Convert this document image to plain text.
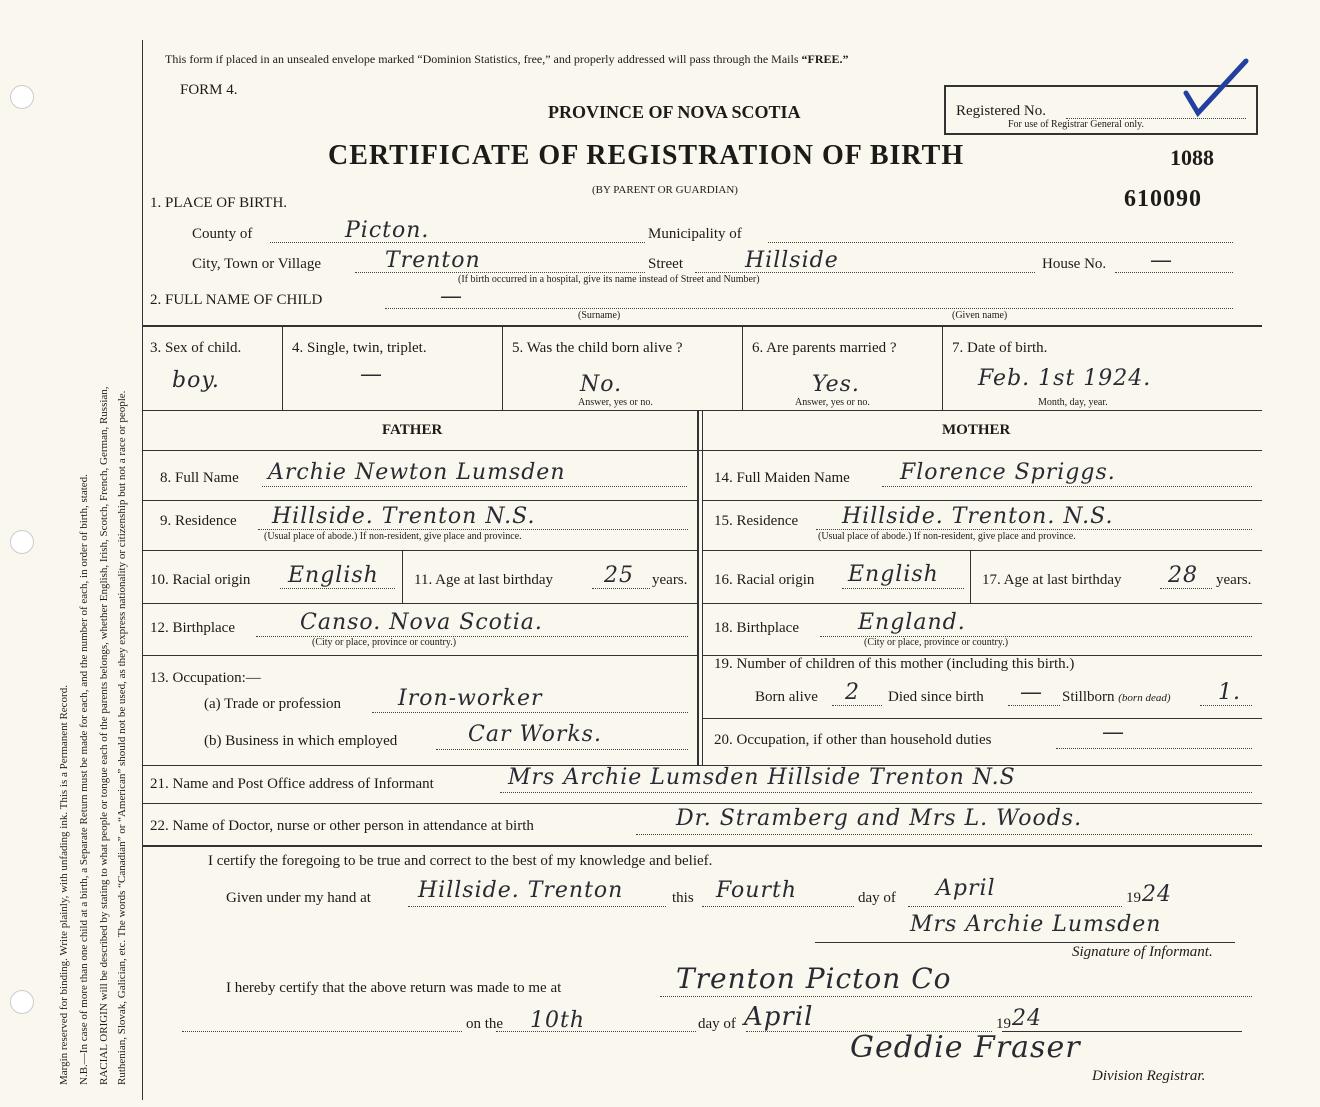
Margin reserved for binding. Write plainly, with unfading ink. This is a Permanent Record. N.B.—In case of more than one child at a birth, a Separate Return must be made for each, and the number of each, in order of birth, stated. RACIAL ORIGIN will be described by stating to what people or tongue each of the parents belongs, whether English, Irish, Scotch, French, German, Russian, Ruthenian, Slovak, Galician, etc. The words “Canadian” or “American” should not be used, as they express nationality or citizenship but not a race or people.
This form if placed in an unsealed envelope marked “Dominion Statistics, free,” and properly addressed will pass through the Mails “FREE.”
FORM 4.
PROVINCE OF NOVA SCOTIA
CERTIFICATE OF REGISTRATION OF BIRTH
(BY PARENT OR GUARDIAN)
Registered No.
For use of Registrar General only.
1088
610090
1. PLACE OF BIRTH.
County of	Picton.	Municipality of
City, Town or Village	Trenton	Street	Hillside	House No. —
(If birth occurred in a hospital, give its name instead of Street and Number)
2. FULL NAME OF CHILD	—
(Surname)	(Given name)
3. Sex of child.
boy.
4. Single, twin, triplet.
—
5. Was the child born alive ?
No.
Answer, yes or no.
6. Are parents married ?
Yes.
Answer, yes or no.
7. Date of birth.
Feb. 1st 1924.
Month, day, year.
FATHER	MOTHER
8. Full Name Archie Newton Lumsden
9. Residence Hillside. Trenton N.S.
(Usual place of abode.) If non-resident, give place and province.
10. Racial origin English 11. Age at last birthday 25 years.
12. Birthplace	Canso. Nova Scotia.
(City or place, province or country.)
13. Occupation:—
(a) Trade or profession	Iron-worker
(b) Business in which employed	Car Works.
14. Full Maiden Name Florence Spriggs.
15. Residence Hillside. Trenton. N.S.
(Usual place of abode.) If non-resident, give place and province.
16. Racial origin English	17. Age at last birthday 28 years.
18. Birthplace	England.
(City or place, province or country.)
19. Number of children of this mother (including this birth.)
Born alive 2 Died since birth — Stillborn (born dead) 1.
20. Occupation, if other than household duties	—
21. Name and Post Office address of Informant	Mrs Archie Lumsden Hillside Trenton N.S
22. Name of Doctor, nurse or other person in attendance at birth	Dr. Stramberg and Mrs L. Woods.
I certify the foregoing to be true and correct to the best of my knowledge and belief.
Given under my hand at Hillside. Trenton	this Fourth	day of April	19 24
Mrs Archie Lumsden
Signature of Informant.
I hereby certify that the above return was made to me at	Trenton Picton Co
on the 10th	day of April	19 24
Geddie Fraser
Division Registrar.
